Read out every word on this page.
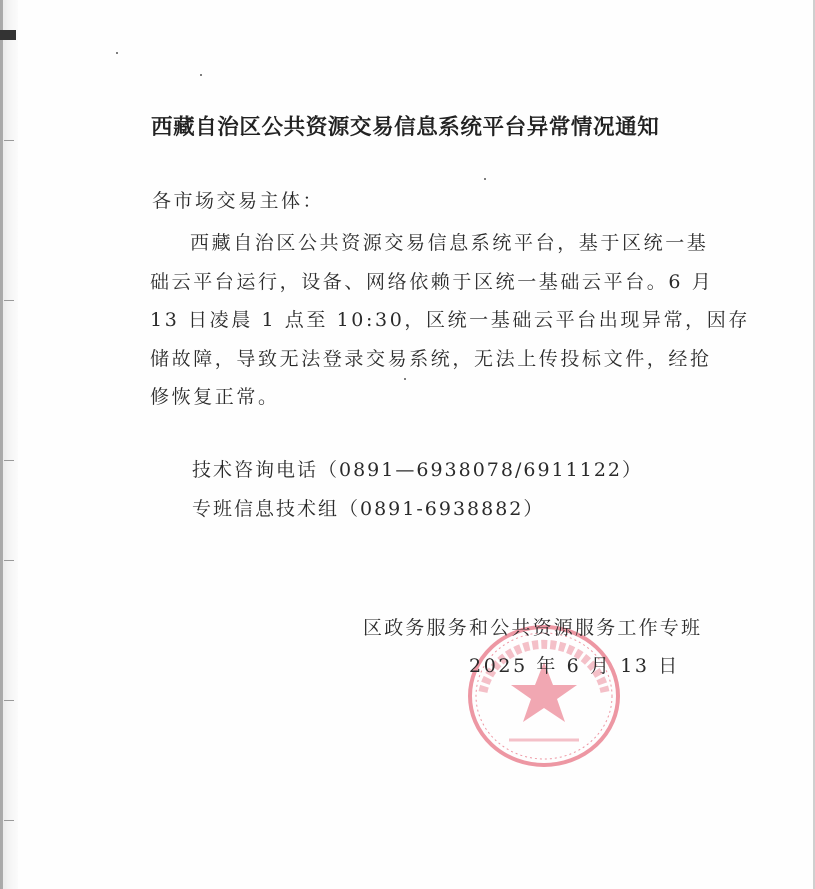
西藏自治区公共资源交易信息系统平台异常情况通知
各市场交易主体：
西藏自治区公共资源交易信息系统平台，基于区统一基
础云平台运行，设备、网络依赖于区统一基础云平台。6 月
13 日凌晨 1 点至 10:30，区统一基础云平台出现异常，因存
储故障，导致无法登录交易系统，无法上传投标文件，经抢
修恢复正常。
技术咨询电话（0891—6938078/6911122）
专班信息技术组（0891-6938882）
区政务服务和公共资源服务工作专班
2025 年 6 月 13 日
